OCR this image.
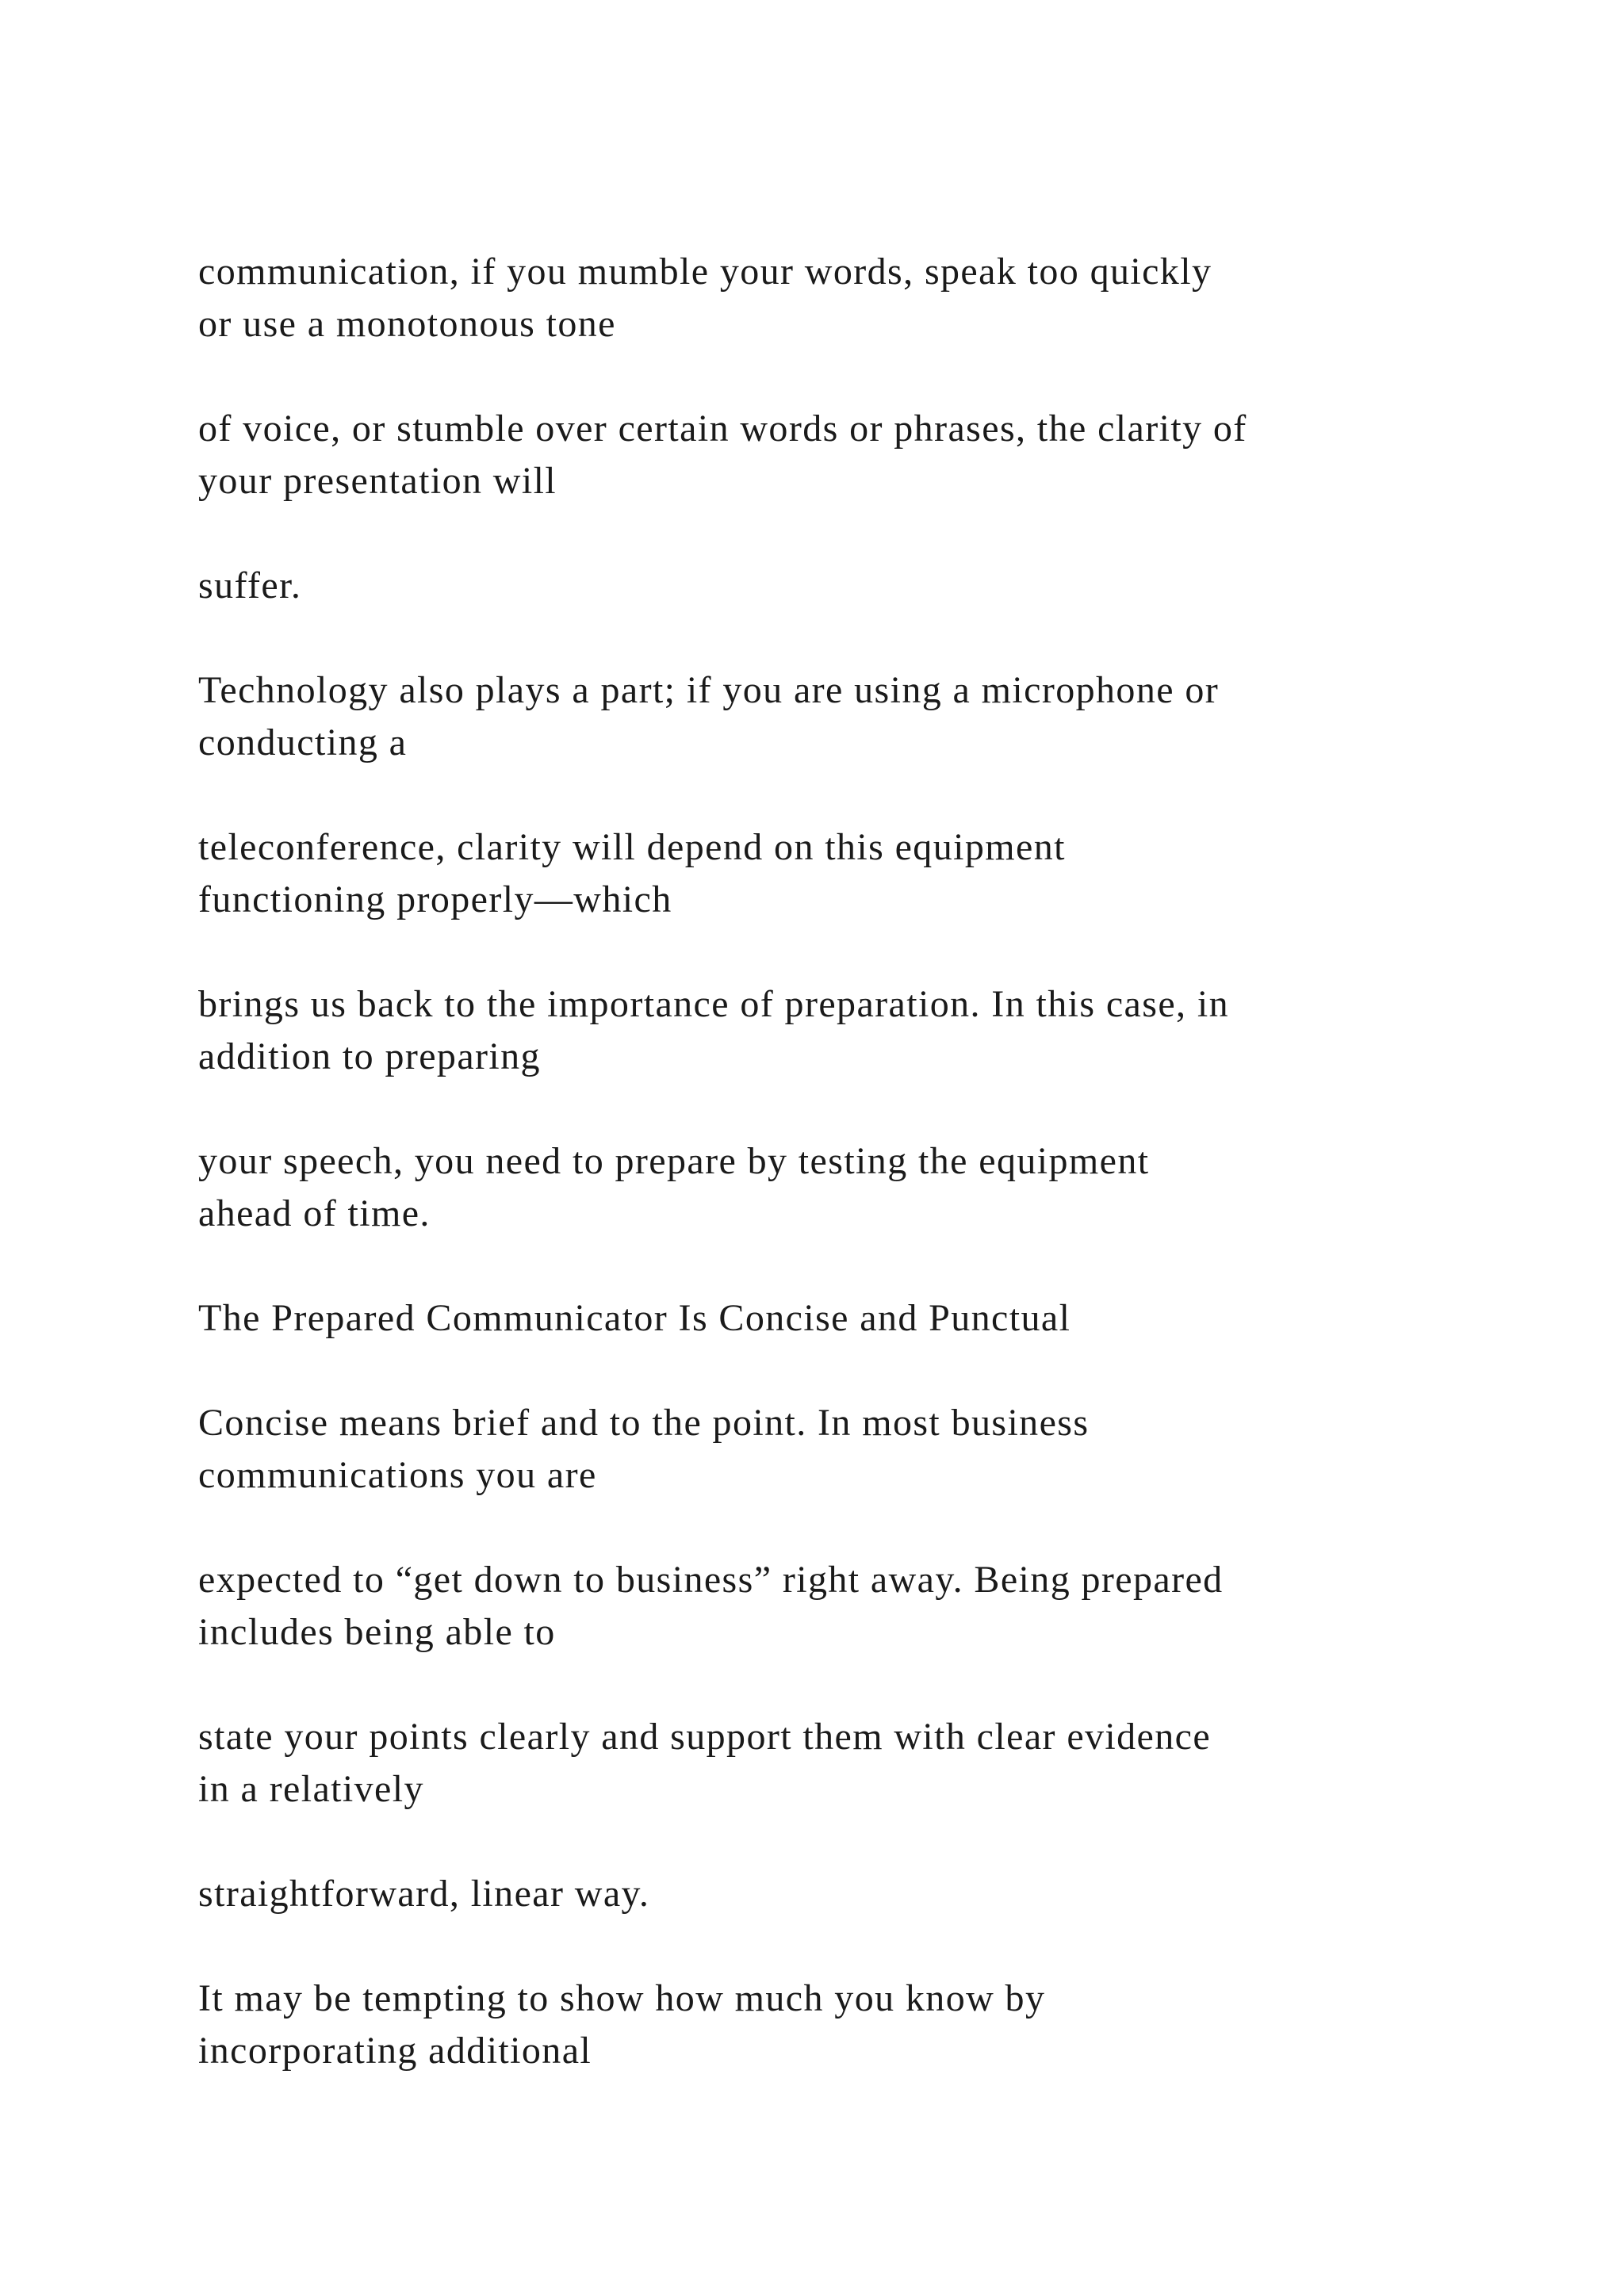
communication, if you mumble your words, speak too quickly
or use a monotonous tone

of voice, or stumble over certain words or phrases, the clarity of
your presentation will

suffer.

Technology also plays a part; if you are using a microphone or
conducting a

teleconference, clarity will depend on this equipment
functioning properly—which

brings us back to the importance of preparation. In this case, in
addition to preparing

your speech, you need to prepare by testing the equipment
ahead of time.

The Prepared Communicator Is Concise and Punctual

Concise means brief and to the point. In most business
communications you are

expected to “get down to business” right away. Being prepared
includes being able to

state your points clearly and support them with clear evidence
in a relatively

straightforward, linear way.

It may be tempting to show how much you know by
incorporating additional
